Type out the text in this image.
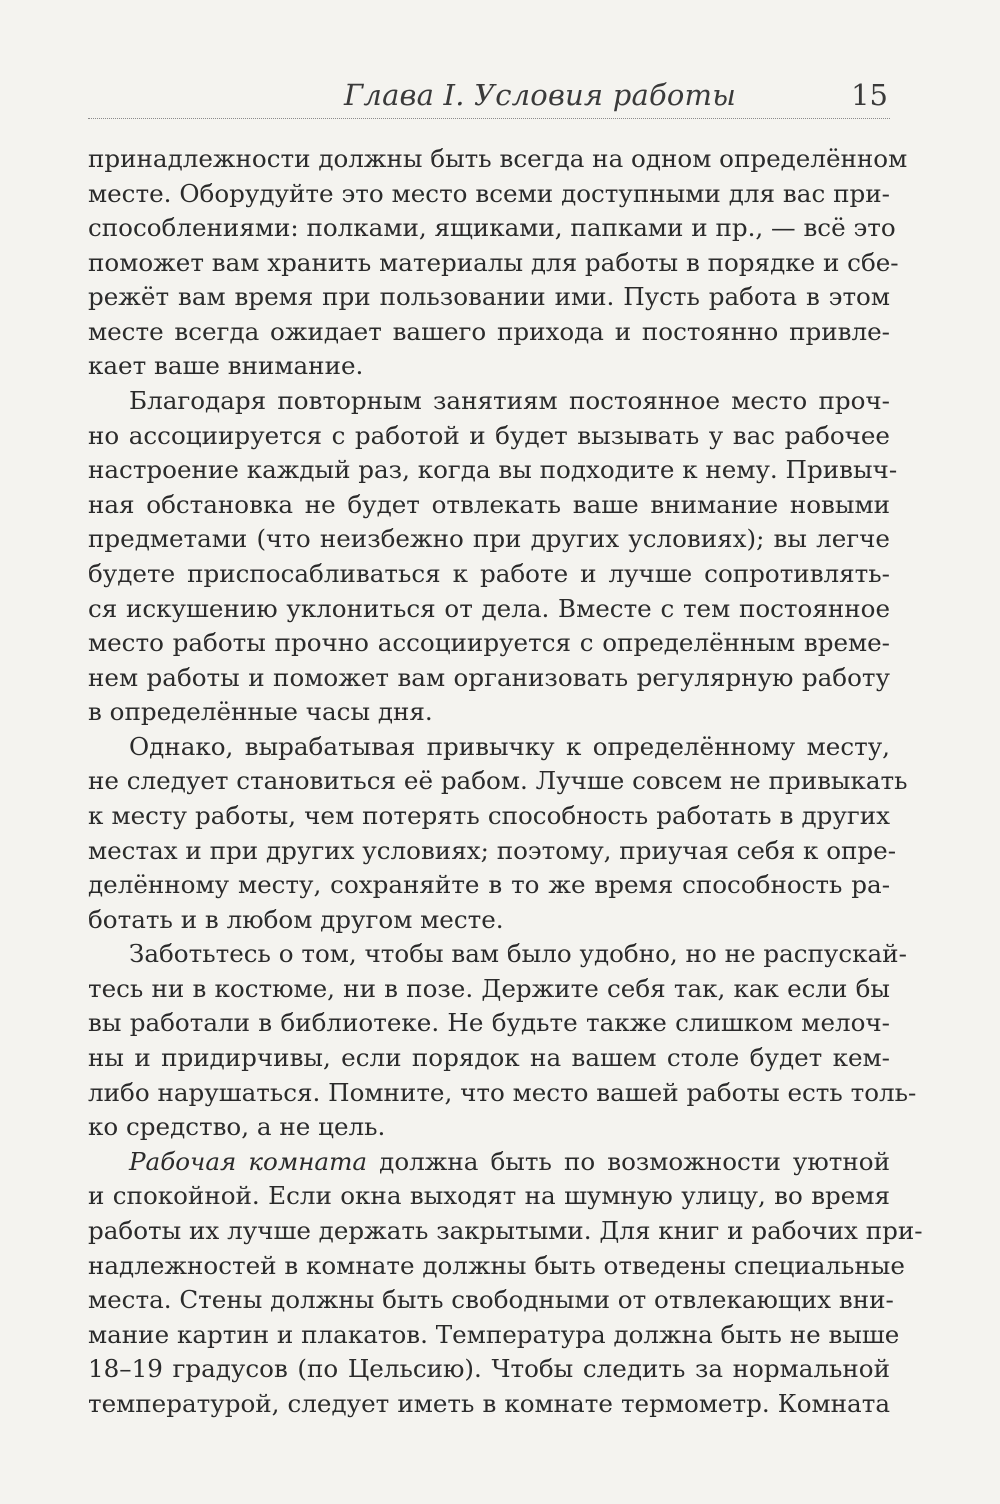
Глава I. Условия работы	15
принадлежности должны быть всегда на одном определённом
месте. Оборудуйте это место всеми доступными для вас при-
способлениями: полками, ящиками, папками и пр., — всё это
поможет вам хранить материалы для работы в порядке и сбе-
режёт вам время при пользовании ими. Пусть работа в этом
месте всегда ожидает вашего прихода и постоянно привле-
кает ваше внимание.
Благодаря повторным занятиям постоянное место проч-
но ассоциируется с работой и будет вызывать у вас рабочее
настроение каждый раз, когда вы подходите к нему. Привыч-
ная обстановка не будет отвлекать ваше внимание новыми
предметами (что неизбежно при других условиях); вы легче
будете приспосабливаться к работе и лучше сопротивлять-
ся искушению уклониться от дела. Вместе с тем постоянное
место работы прочно ассоциируется с определённым време-
нем работы и поможет вам организовать регулярную работу
в определённые часы дня.
Однако, вырабатывая привычку к определённому месту,
не следует становиться её рабом. Лучше совсем не привыкать
к месту работы, чем потерять способность работать в других
местах и при других условиях; поэтому, приучая себя к опре-
делённому месту, сохраняйте в то же время способность ра-
ботать и в любом другом месте.
Заботьтесь о том, чтобы вам было удобно, но не распускай-
тесь ни в костюме, ни в позе. Держите себя так, как если бы
вы работали в библиотеке. Не будьте также слишком мелоч-
ны и придирчивы, если порядок на вашем столе будет кем-
либо нарушаться. Помните, что место вашей работы есть толь-
ко средство, а не цель.
Рабочая комната должна быть по возможности уютной
и спокойной. Если окна выходят на шумную улицу, во время
работы их лучше держать закрытыми. Для книг и рабочих при-
надлежностей в комнате должны быть отведены специальные
места. Стены должны быть свободными от отвлекающих вни-
мание картин и плакатов. Температура должна быть не выше
18–19 градусов (по Цельсию). Чтобы следить за нормальной
температурой, следует иметь в комнате термометр. Комната
